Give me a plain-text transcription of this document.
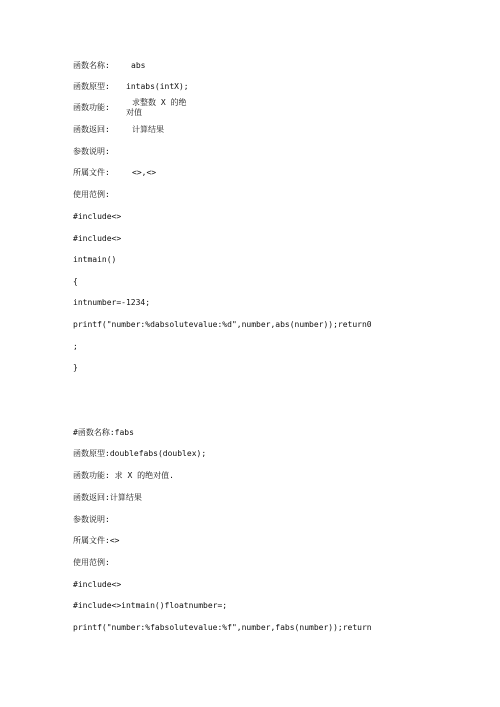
函数名称:	abs
函数原型: intabs(intX);
函数功能:
求整数 X 的绝对值
函数返回:	计算结果
参数说明:
所属文件:	<>,<>
使用范例:
#include<>
#include<>
intmain()
{
intnumber=-1234;
printf("number:%dabsolutevalue:%d",number,abs(number));return0
;
}
#函数名称:fabs
函数原型:doublefabs(doublex);
函数功能: 求 X 的绝对值.
函数返回:计算结果
参数说明:
所属文件:<>
使用范例:
#include<>
#include<>intmain()floatnumber=;
printf("number:%fabsolutevalue:%f",number,fabs(number));return
